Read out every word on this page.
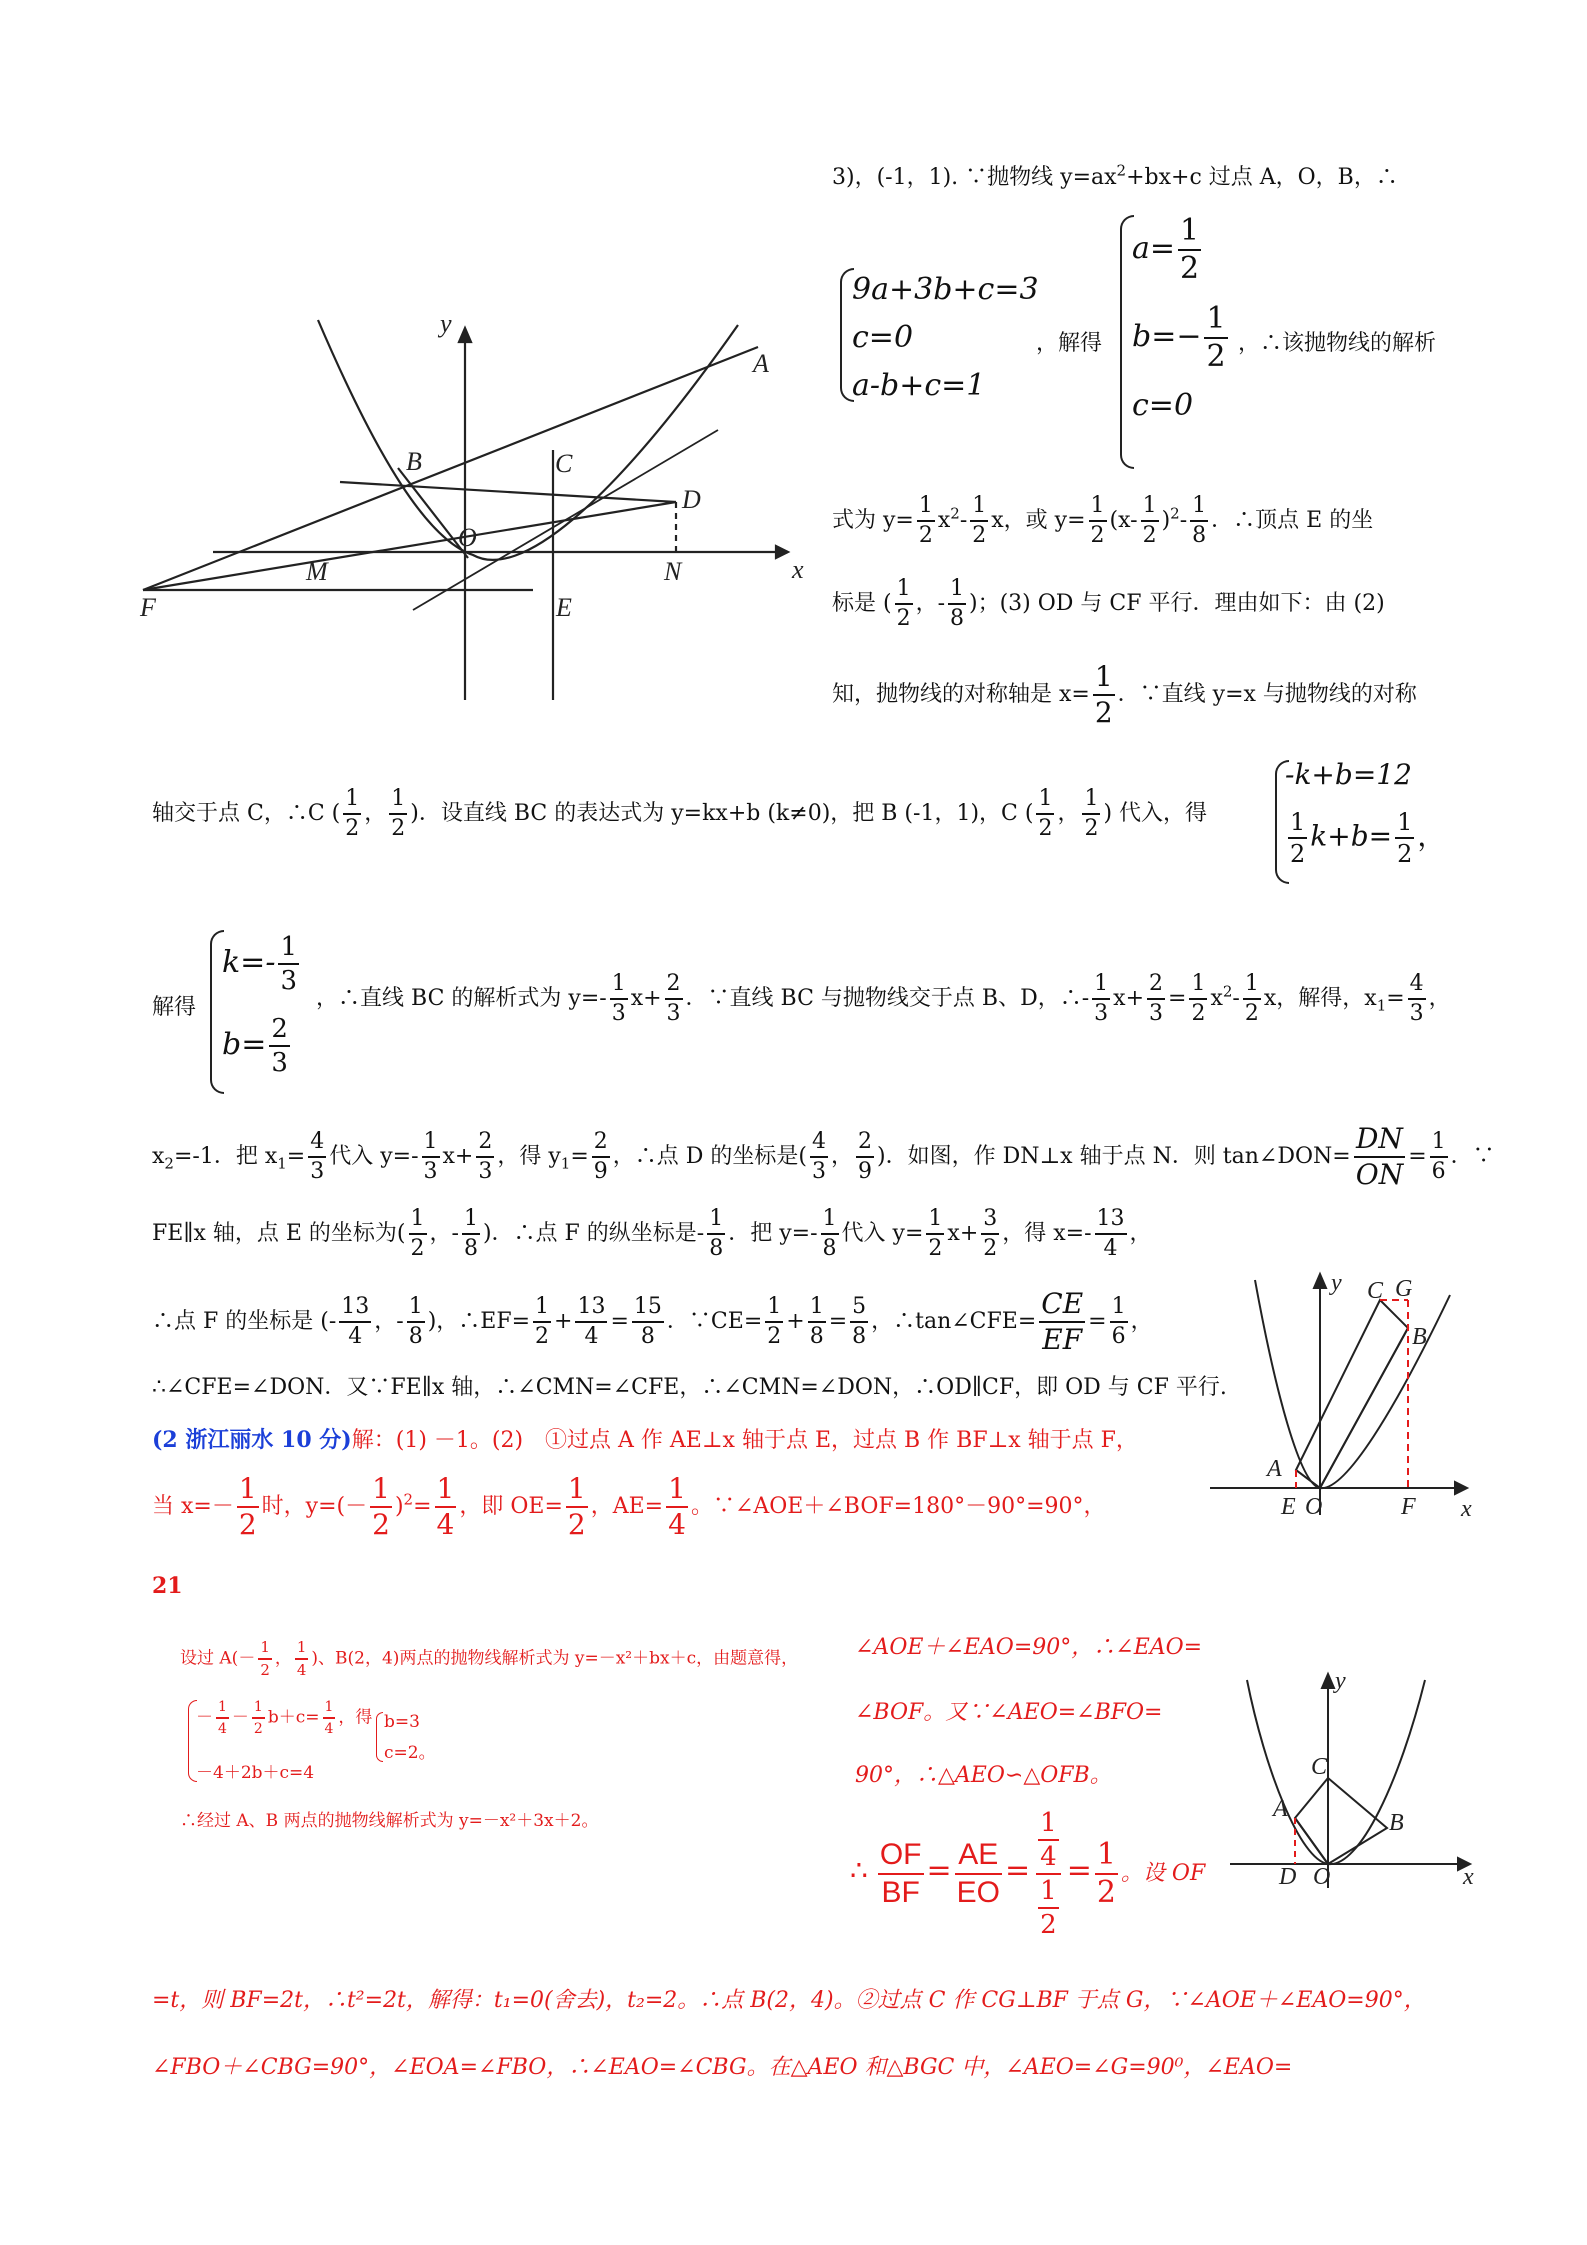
y
A
B	C
D
O
M	N	x
F	E
y C G
B
A
E O	F x
y
C
A
B
D O	x
3)，(-1，1). ∵抛物线 $y=ax^2+bx+c$ 过点 A，O，B，∴
9a+3b+c=3
c=0
a-b+c=1
，解得
$a= \frac{1}{2}$
$b=- \frac{1}{2}$
c=0
，∴该抛物线的解析
式为 $y= \frac{1}{2} x^2- \frac{1}{2}$ x，或 $y= \frac{1}{2} (x- \frac{1}{2} )^2- \frac{1}{8}$ ．∴顶点 E 的坐
标是 ( $\frac{1}{2}$ ，- $\frac{1}{8}$ )；(3) OD 与 CF 平行．理由如下：由 (2)
知，抛物线的对称轴是 $x= \frac{1}{2}$ ．∵直线 y=x 与抛物线的对称
轴交于点 C，∴C ( $\frac{1}{2}$ ， $\frac{1}{2}$ )．设直线 BC 的表达式为 y=kx+b (k≠0)，把 B (-1，1)，C ( $\frac{1}{2}$ ， $\frac{1}{2}$ ) 代入，得
-k+b=12
$\frac{1}{2} k+b= \frac{1}{2}$ ，
解得
$k=- \frac{1}{3}$
$b= \frac{2}{3}$
，∴直线 BC 的解析式为 $y=- \frac{1}{3} x+ \frac{2}{3}$ ．∵直线 BC 与抛物线交于点 B、D，∴- $\frac{1}{3} x+ \frac{2}{3} = \frac{1}{2} x^2- \frac{1}{2}$ x，解得，$x_1= \frac{4}{3}$ ，
$x_2=-1$．把 $x_1= \frac{4}{3}$ 代入 $y=- \frac{1}{3} x+ \frac{2}{3}$ ，得 $y_1= \frac{2}{9}$ ，∴点 D 的坐标是( $\frac{4}{3}$ ， $\frac{2}{9}$ )．如图，作 DN⊥x 轴于点 N．则 tan∠DON= $\frac{DN}{ON} = \frac{1}{6}$ ．∵
FE∥x 轴，点 E 的坐标为( $\frac{1}{2}$ ，- $\frac{1}{8}$ )．∴点 F 的纵坐标是- $\frac{1}{8}$ ．把 $y=- \frac{1}{8}$ 代入 $y= \frac{1}{2} x+ \frac{3}{2}$ ，得 $x=- \frac{13}{4}$ ，
∴点 F 的坐标是 (- $\frac{13}{4}$ ，- $\frac{1}{8}$ )，∴EF= $\frac{1}{2} + \frac{13}{4} = \frac{15}{8}$ ．∵CE= $\frac{1}{2} + \frac{1}{8} = \frac{5}{8}$ ，∴tan∠CFE= $\frac{CE}{EF} = \frac{1}{6}$ ，
∴∠CFE=∠DON．又∵FE∥x 轴，∴∠CMN=∠CFE，∴∠CMN=∠DON，∴OD∥CF，即 OD 与 CF 平行.
(2 浙江丽水 10 分)解：(1) －1。(2)　①过点 A 作 AE⊥x 轴于点 E，过点 B 作 BF⊥x 轴于点 F，
当 $x=- \frac{1}{2}$ 时，$y=(- \frac{1}{2} )^2= \frac{1}{4}$ ，即 $OE= \frac{1}{2}$ ，$AE= \frac{1}{4}$ 。∵∠AOE＋∠BOF=180°－90°=90°，
21
设过 $A(- \frac{1}{2}$ ， $\frac{1}{4}$ )、B(2，4)两点的抛物线解析式为 y=－x²＋bx＋c，由题意得，
－ $\frac{1}{4} - \frac{1}{2} b+c= \frac{1}{4}$ ，得
－4＋2b＋c=4
b=3
c=2。
∴经过 A、B 两点的抛物线解析式为 y=－x²＋3x＋2。
∠AOE＋∠EAO=90°，∴∠EAO=
∠BOF。又∵∠AEO=∠BFO=
90°，∴△AEO∽△OFB。
∴ $\frac{OF}{BF} = \frac{AE}{EO} = 1$
4
1
$2 = \frac{1}{2}$ 。设 OF
=t，则 BF=2t，∴t²=2t，解得：t₁=0(舍去)，t₂=2。∴点 B(2，4)。②过点 C 作 CG⊥BF 于点 G，∵∠AOE＋∠EAO=90°，
∠FBO＋∠CBG=90°，∠EOA=∠FBO，∴∠EAO=∠CBG。在△AEO 和△BGC 中，∠AEO=∠G=90⁰，∠EAO=
